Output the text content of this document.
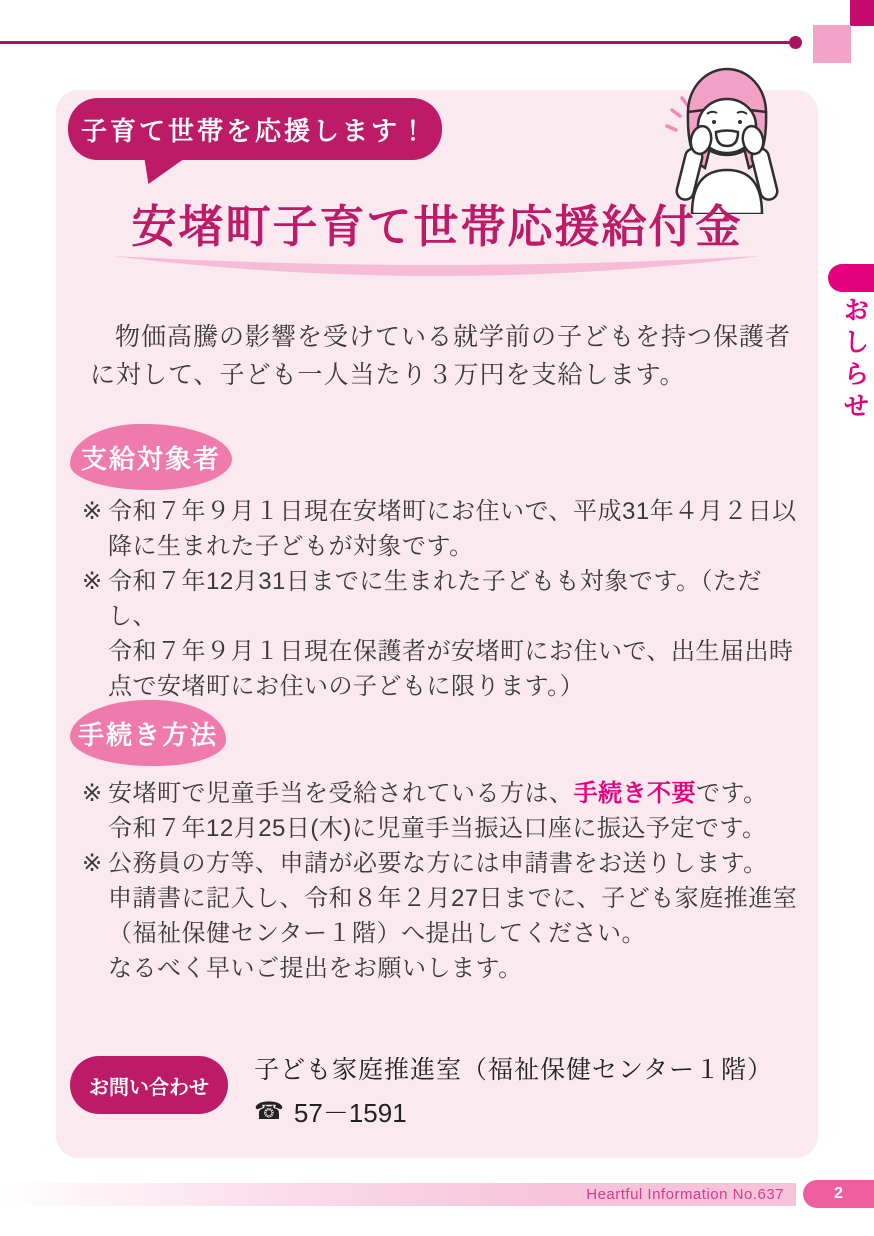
子育て世帯を応援します！
安堵町子育て世帯応援給付金

物価高騰の影響を受けている就学前の子どもを持つ保護者に対して、子ども一人当たり３万円を支給します。

支給対象者
※ 令和７年９月１日現在安堵町にお住いで、平成31年４月２日以
降に生まれた子どもが対象です。
※ 令和７年12月31日までに生まれた子どもも対象です。（ただし、
令和７年９月１日現在保護者が安堵町にお住いで、出生届出時
点で安堵町にお住いの子どもに限ります。）
手続き方法
※ 安堵町で児童手当を受給されている方は、手続き不要です。
令和７年12月25日(木)に児童手当振込口座に振込予定です。
※ 公務員の方等、申請が必要な方には申請書をお送りします。
申請書に記入し、令和８年２月27日までに、子ども家庭推進室
（福祉保健センター１階）へ提出してください。
なるべく早いご提出をお願いします。
お問い合わせ
子ども家庭推進室（福祉保健センター１階）
☎ 57－1591
おしらせ
Heartful Information No.637	2
